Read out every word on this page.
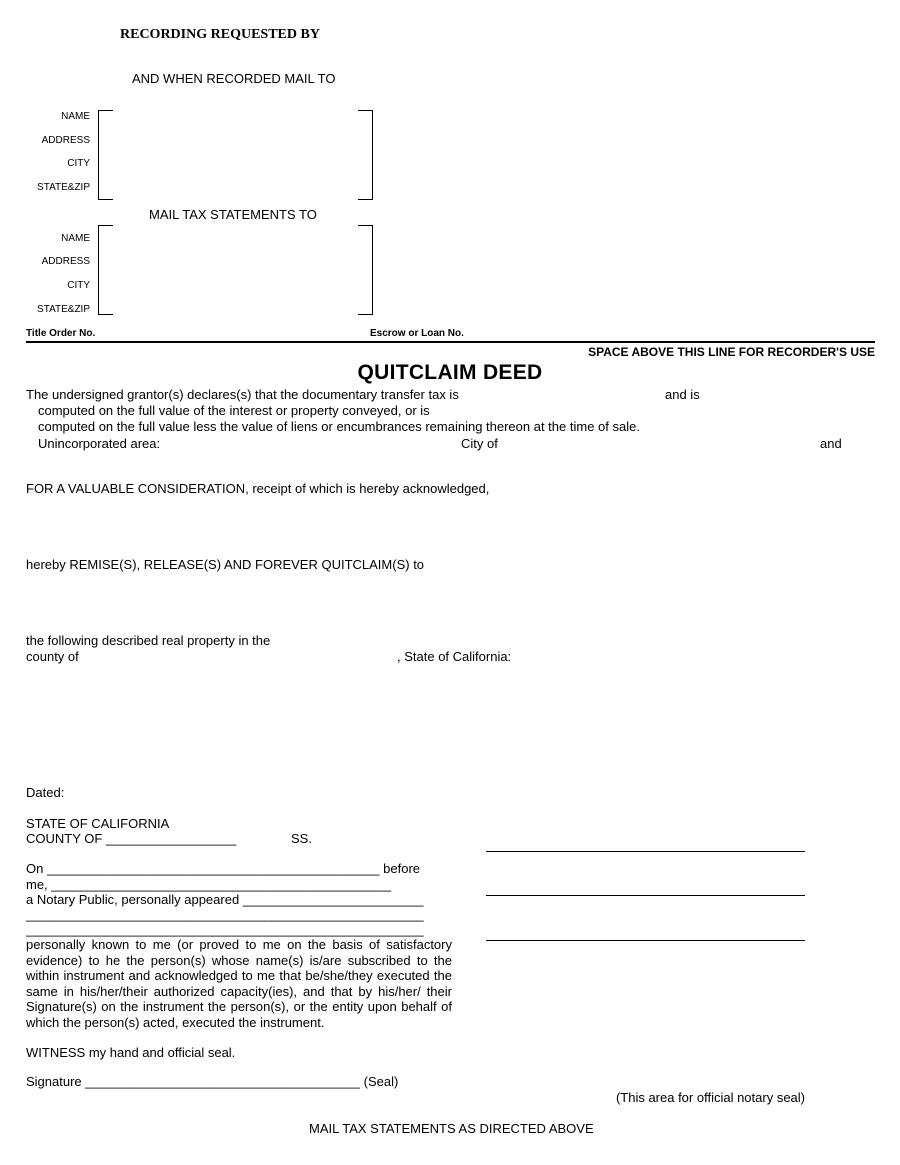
RECORDING REQUESTED BY
AND WHEN RECORDED MAIL TO
NAME
ADDRESS
CITY
STATE&ZIP
MAIL TAX STATEMENTS TO
NAME
ADDRESS
CITY
STATE&ZIP
Title Order No.	Escrow or Loan No.
SPACE ABOVE THIS LINE FOR RECORDER'S USE
QUITCLAIM DEED
The undersigned grantor(s) declares(s) that the documentary transfer tax is	and is
computed on the full value of the interest or property conveyed, or is
computed on the full value less the value of liens or encumbrances remaining thereon at the time of sale.
Unincorporated area:	City of	and
FOR A VALUABLE CONSIDERATION, receipt of which is hereby acknowledged,
hereby REMISE(S), RELEASE(S) AND FOREVER QUITCLAIM(S) to
the following described real property in the
county of	, State of California:
Dated:
STATE OF CALIFORNIA
COUNTY OF __________________	SS.
On ______________________________________________ before
me, _______________________________________________
a Notary Public, personally appeared _________________________
_______________________________________________________
_______________________________________________________
personally known to me (or proved to me on the basis of satisfactory evidence) to he the person(s) whose name(s) is/are subscribed to the within instrument and acknowledged to me that be/she/they executed the same in his/her/their authorized capacity(ies), and that by his/her/ their Signature(s) on the instrument the person(s), or the entity upon behalf of which the person(s) acted, executed the instrument.
WITNESS my hand and official seal.
Signature ______________________________________ (Seal)
(This area for official notary seal)
MAIL TAX STATEMENTS AS DIRECTED ABOVE
